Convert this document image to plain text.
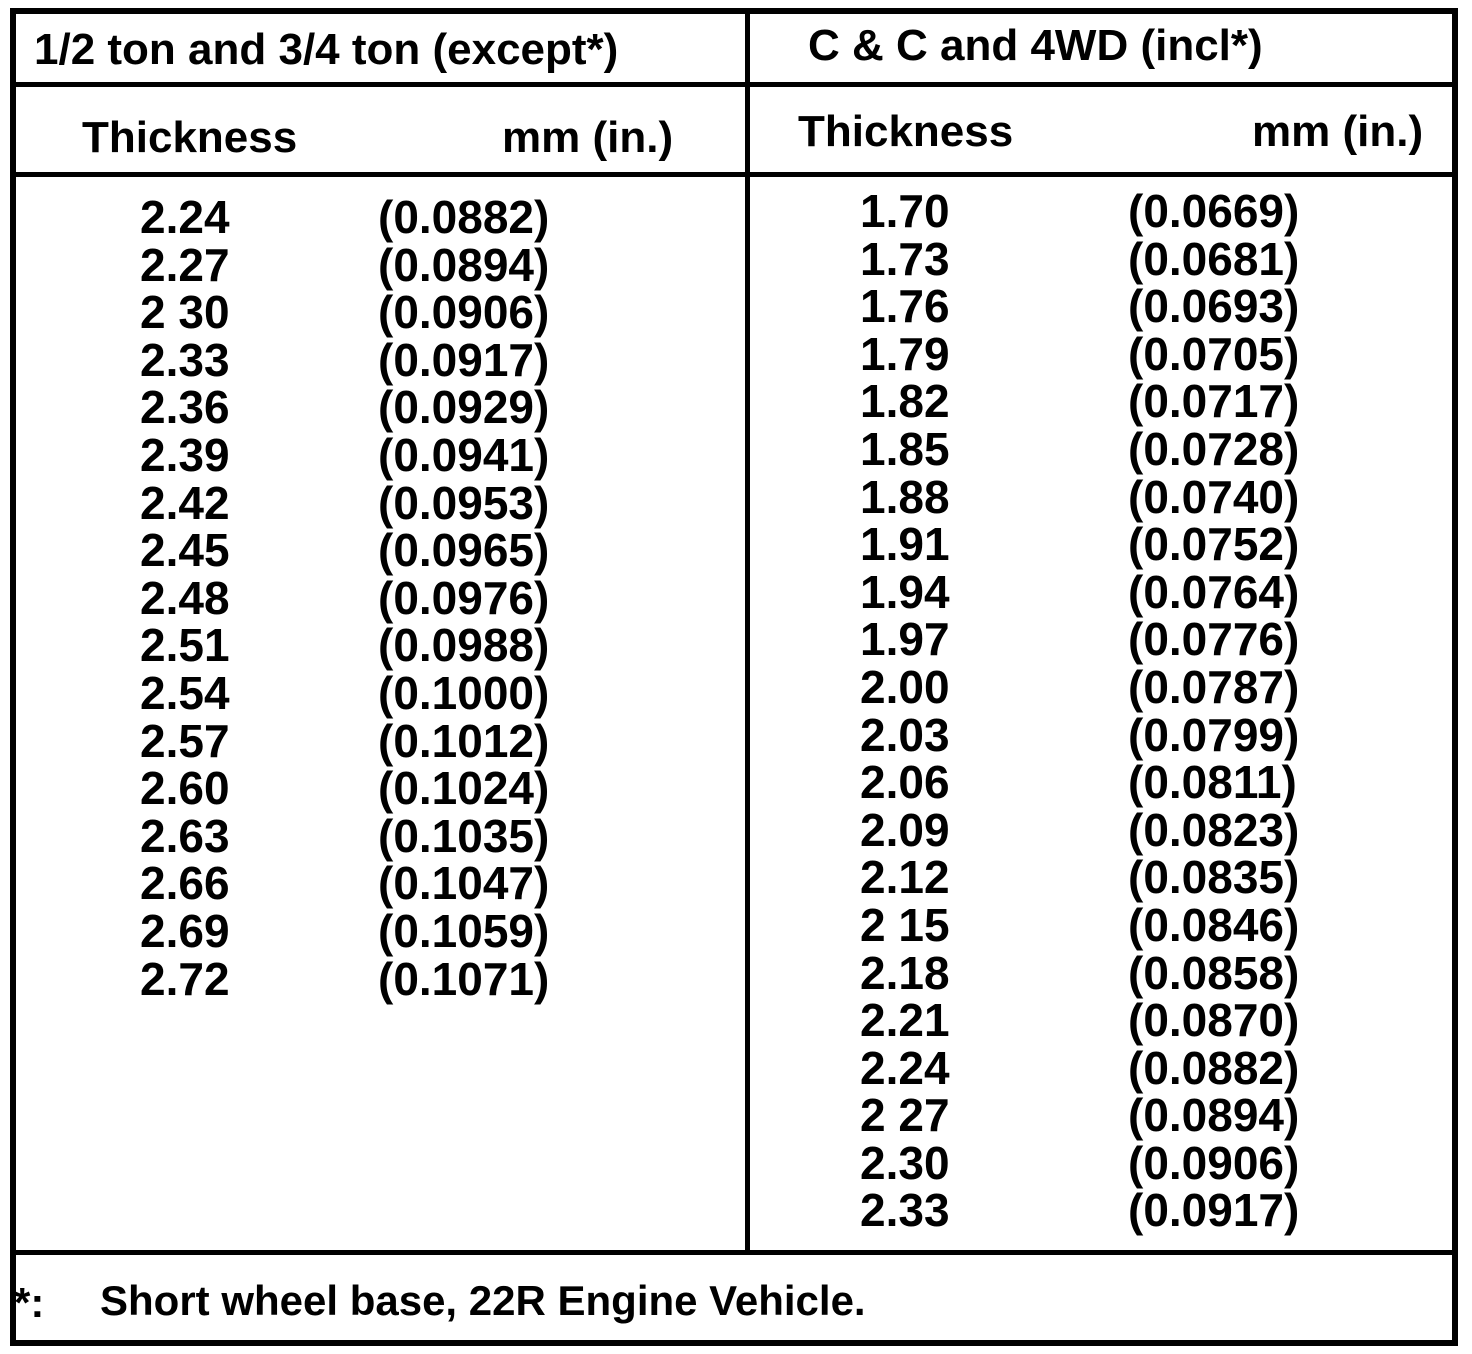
1/2 ton and 3/4 ton (except*)
Thickness	mm (in.)
C & C and 4WD (incl*)
Thickness	mm (in.)
2.24
2.27
2 30
2.33
2.36
2.39
2.42
2.45
2.48
2.51
2.54
2.57
2.60
2.63
2.66
2.69
2.72
(0.0882)
(0.0894)
(0.0906)
(0.0917)
(0.0929)
(0.0941)
(0.0953)
(0.0965)
(0.0976)
(0.0988)
(0.1000)
(0.1012)
(0.1024)
(0.1035)
(0.1047)
(0.1059)
(0.1071)
1.70
1.73
1.76
1.79
1.82
1.85
1.88
1.91
1.94
1.97
2.00
2.03
2.06
2.09
2.12
2 15
2.18
2.21
2.24
2 27
2.30
2.33
(0.0669)
(0.0681)
(0.0693)
(0.0705)
(0.0717)
(0.0728)
(0.0740)
(0.0752)
(0.0764)
(0.0776)
(0.0787)
(0.0799)
(0.0811)
(0.0823)
(0.0835)
(0.0846)
(0.0858)
(0.0870)
(0.0882)
(0.0894)
(0.0906)
(0.0917)
*: Short wheel base, 22R Engine Vehicle.
